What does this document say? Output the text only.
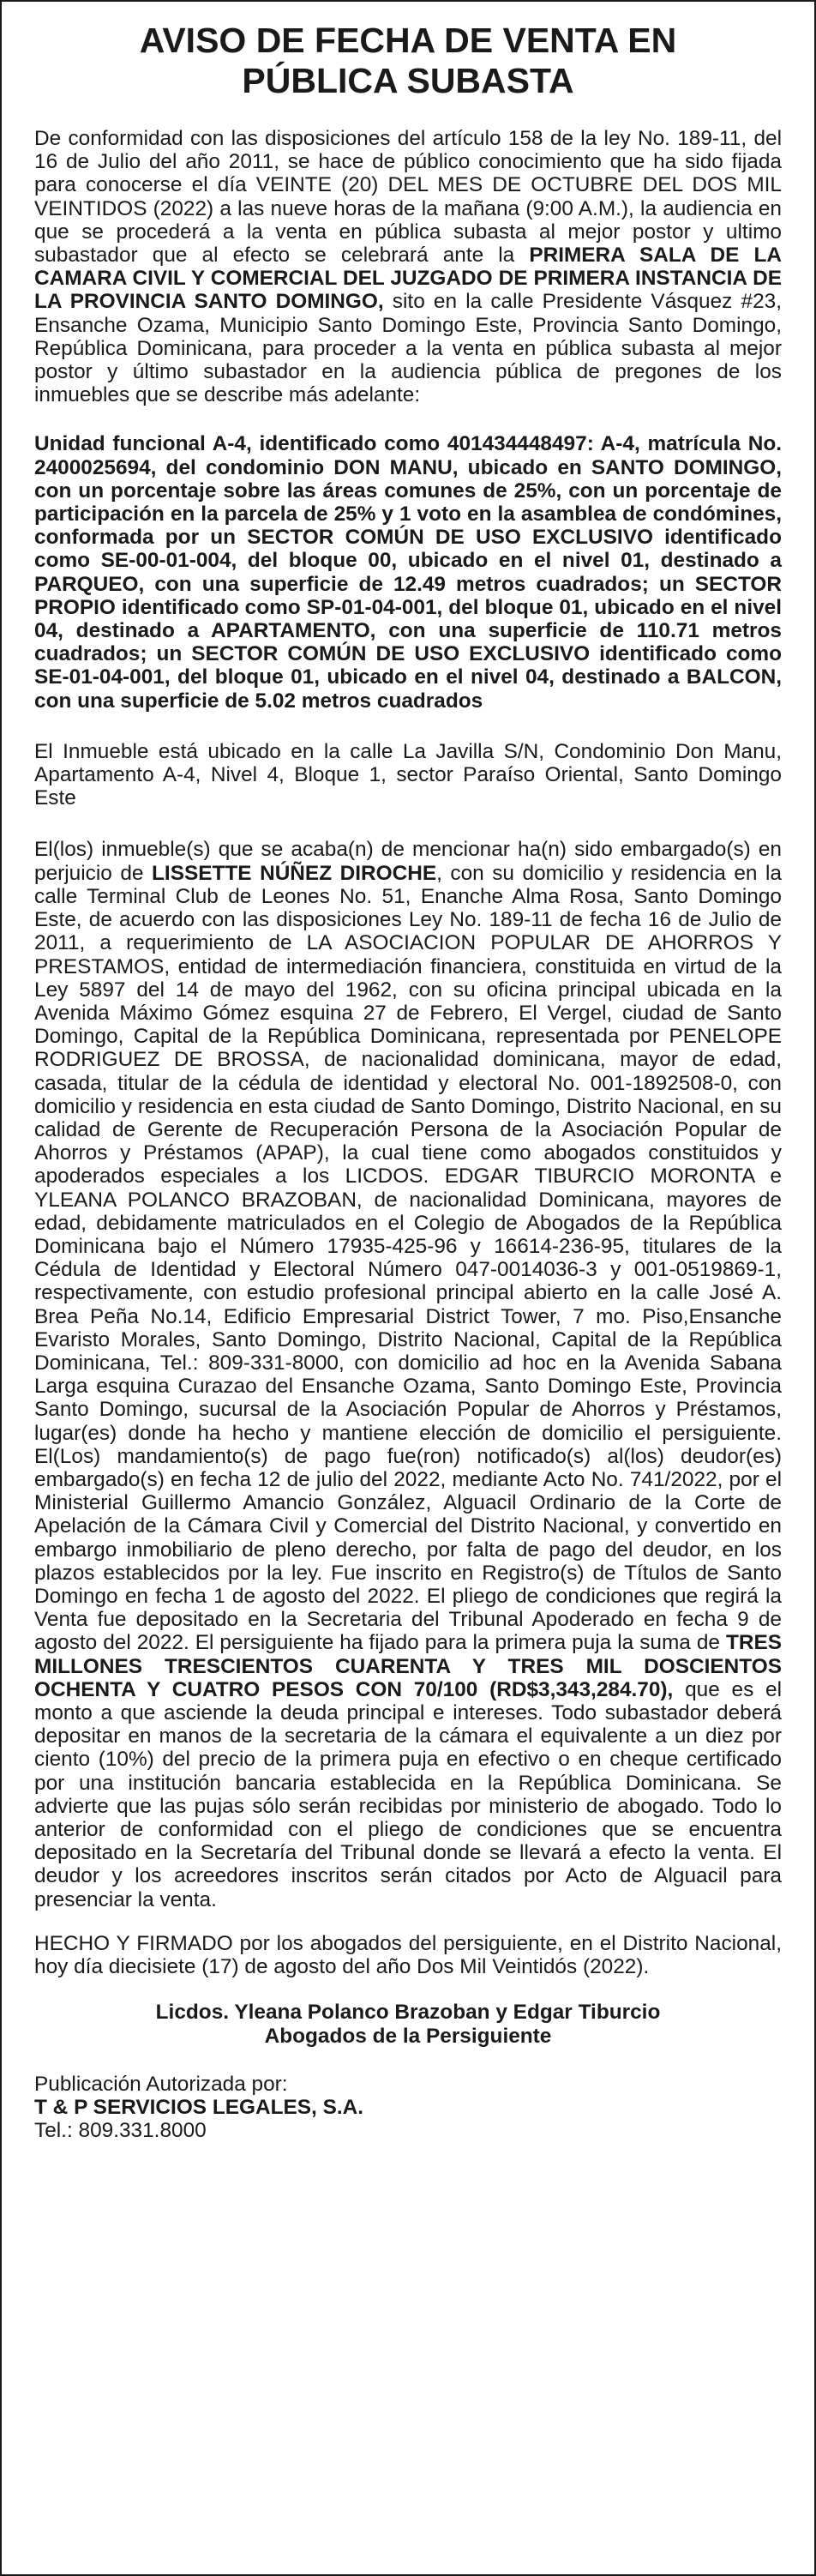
AVISO DE FECHA DE VENTA EN
PÚBLICA SUBASTA

De conformidad con las disposiciones del artículo 158 de la ley No. 189-11, del 16 de Julio del año 2011, se hace de público conocimiento que ha sido fijada para conocerse el día VEINTE (20) DEL MES DE OCTUBRE DEL DOS MIL VEINTIDOS (2022) a las nueve horas de la mañana (9:00 A.M.), la audiencia en que se procederá a la venta en pública subasta al mejor postor y ultimo subastador que al efecto se celebrará ante la PRIMERA SALA DE LA CAMARA CIVIL Y COMERCIAL DEL JUZGADO DE PRIMERA INSTANCIA DE LA PROVINCIA SANTO DOMINGO, sito en la calle Presidente Vásquez #23, Ensanche Ozama, Municipio Santo Domingo Este, Provincia Santo Domingo, República Dominicana, para proceder a la venta en pública subasta al mejor postor y último subastador en la audiencia pública de pregones de los inmuebles que se describe más adelante:

Unidad funcional A-4, identificado como 401434448497: A-4, matrícula No. 2400025694, del condominio DON MANU, ubicado en SANTO DOMINGO, con un porcentaje sobre las áreas comunes de 25%, con un porcentaje de participación en la parcela de 25% y 1 voto en la asamblea de condómines, conformada por un SECTOR COMÚN DE USO EXCLUSIVO identificado como SE-00-01-004, del bloque 00, ubicado en el nivel 01, destinado a PARQUEO, con una superficie de 12.49 metros cuadrados; un SECTOR PROPIO identificado como SP-01-04-001, del bloque 01, ubicado en el nivel 04, destinado a APARTAMENTO, con una superficie de 110.71 metros cuadrados; un SECTOR COMÚN DE USO EXCLUSIVO identificado como SE-01-04-001, del bloque 01, ubicado en el nivel 04, destinado a BALCON, con una superficie de 5.02 metros cuadrados

El Inmueble está ubicado en la calle La Javilla S/N, Condominio Don Manu, Apartamento A-4, Nivel 4, Bloque 1, sector Paraíso Oriental, Santo Domingo Este

El(los) inmueble(s) que se acaba(n) de mencionar ha(n) sido embargado(s) en perjuicio de LISSETTE NÚÑEZ DIROCHE, con su domicilio y residencia en la calle Terminal Club de Leones No. 51, Enanche Alma Rosa, Santo Domingo Este, de acuerdo con las disposiciones Ley No. 189-11 de fecha 16 de Julio de 2011, a requerimiento de LA ASOCIACION POPULAR DE AHORROS Y PRESTAMOS, entidad de intermediación financiera, constituida en virtud de la Ley 5897 del 14 de mayo del 1962, con su oficina principal ubicada en la Avenida Máximo Gómez esquina 27 de Febrero, El Vergel, ciudad de Santo Domingo, Capital de la República Dominicana, representada por PENELOPE RODRIGUEZ DE BROSSA, de nacionalidad dominicana, mayor de edad, casada, titular de la cédula de identidad y electoral No. 001-1892508-0, con domicilio y residencia en esta ciudad de Santo Domingo, Distrito Nacional, en su calidad de Gerente de Recuperación Persona de la Asociación Popular de Ahorros y Préstamos (APAP), la cual tiene como abogados constituidos y apoderados especiales a los LICDOS. EDGAR TIBURCIO MORONTA e YLEANA POLANCO BRAZOBAN, de nacionalidad Dominicana, mayores de edad, debidamente matriculados en el Colegio de Abogados de la República Dominicana bajo el Número 17935-425-96 y 16614-236-95, titulares de la Cédula de Identidad y Electoral Número 047-0014036-3 y 001-0519869-1, respectivamente, con estudio profesional principal abierto en la calle José A. Brea Peña No.14, Edificio Empresarial District Tower, 7 mo. Piso,Ensanche Evaristo Morales, Santo Domingo, Distrito Nacional, Capital de la República Dominicana, Tel.: 809-331-8000, con domicilio ad hoc en la Avenida Sabana Larga esquina Curazao del Ensanche Ozama, Santo Domingo Este, Provincia Santo Domingo, sucursal de la Asociación Popular de Ahorros y Préstamos, lugar(es) donde ha hecho y mantiene elección de domicilio el persiguiente. El(Los) mandamiento(s) de pago fue(ron) notificado(s) al(los) deudor(es) embargado(s) en fecha 12 de julio del 2022, mediante Acto No. 741/2022, por el Ministerial Guillermo Amancio González, Alguacil Ordinario de la Corte de Apelación de la Cámara Civil y Comercial del Distrito Nacional, y convertido en embargo inmobiliario de pleno derecho, por falta de pago del deudor, en los plazos establecidos por la ley. Fue inscrito en Registro(s) de Títulos de Santo Domingo en fecha 1 de agosto del 2022. El pliego de condiciones que regirá la Venta fue depositado en la Secretaria del Tribunal Apoderado en fecha 9 de agosto del 2022. El persiguiente ha fijado para la primera puja la suma de TRES MILLONES TRESCIENTOS CUARENTA Y TRES MIL DOSCIENTOS OCHENTA Y CUATRO PESOS CON 70/100 (RD$3,343,284.70), que es el monto a que asciende la deuda principal e intereses. Todo subastador deberá depositar en manos de la secretaria de la cámara el equivalente a un diez por ciento (10%) del precio de la primera puja en efectivo o en cheque certificado por una institución bancaria establecida en la República Dominicana. Se advierte que las pujas sólo serán recibidas por ministerio de abogado. Todo lo anterior de conformidad con el pliego de condiciones que se encuentra depositado en la Secretaría del Tribunal donde se llevará a efecto la venta. El deudor y los acreedores inscritos serán citados por Acto de Alguacil para presenciar la venta.

HECHO Y FIRMADO por los abogados del persiguiente, en el Distrito Nacional, hoy día diecisiete (17) de agosto del año Dos Mil Veintidós (2022).

Licdos. Yleana Polanco Brazoban y Edgar Tiburcio
Abogados de la Persiguiente
Publicación Autorizada por:
T & P SERVICIOS LEGALES, S.A.
Tel.: 809.331.8000
